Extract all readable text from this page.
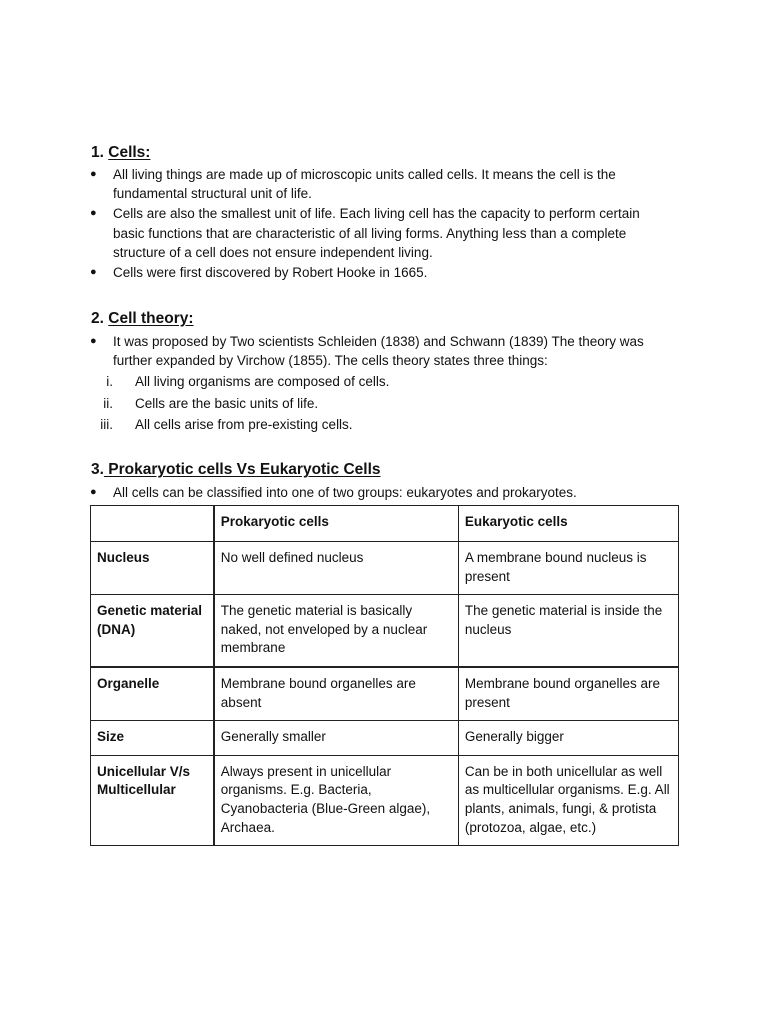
1. Cells:
● All living things are made up of microscopic units called cells. It means the cell is the fundamental structural unit of life.
● Cells are also the smallest unit of life. Each living cell has the capacity to perform certain basic functions that are characteristic of all living forms. Anything less than a complete structure of a cell does not ensure independent living.
● Cells were first discovered by Robert Hooke in 1665.
2. Cell theory:
● It was proposed by Two scientists Schleiden (1838) and Schwann (1839) The theory was further expanded by Virchow (1855). The cells theory states three things:
i. All living organisms are composed of cells.
ii. Cells are the basic units of life.
iii. All cells arise from pre-existing cells.
3. Prokaryotic cells Vs Eukaryotic Cells
● All cells can be classified into one of two groups: eukaryotes and prokaryotes.
	Prokaryotic cells	Eukaryotic cells
Nucleus	No well defined nucleus	A membrane bound nucleus is present
Genetic material (DNA)	The genetic material is basically naked, not enveloped by a nuclear membrane	The genetic material is inside the nucleus
Organelle	Membrane bound organelles are absent	Membrane bound organelles are present
Size	Generally smaller	Generally bigger
Unicellular V/s Multicellular	Always present in unicellular organisms. E.g. Bacteria, Cyanobacteria (Blue-Green algae), Archaea.	Can be in both unicellular as well as multicellular organisms. E.g. All plants, animals, fungi, & protista (protozoa, algae, etc.)
